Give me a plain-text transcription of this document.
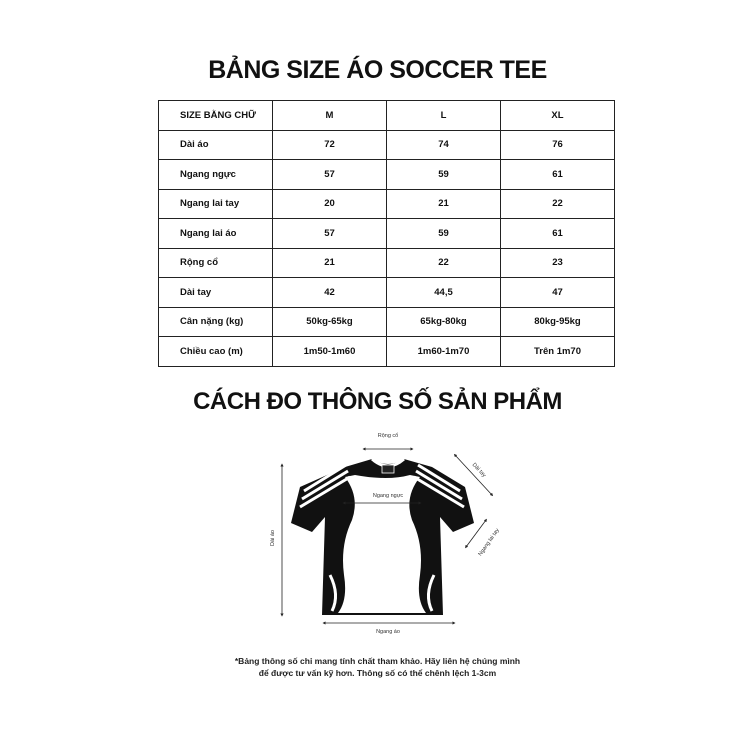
BẢNG SIZE ÁO SOCCER TEE
SIZE BẰNG CHỮ	M	L	XL
Dài áo	72	74	76
Ngang ngực	57	59	61
Ngang lai tay	20	21	22
Ngang lai áo	57	59	61
Rộng cổ	21	22	23
Dài tay	42	44,5	47
Cân nặng (kg)	50kg-65kg	65kg-80kg	80kg-95kg
Chiều cao (m)	1m50-1m60	1m60-1m70	Trên 1m70
CÁCH ĐO THÔNG SỐ SẢN PHẨM
Rộng cổ
Ngang ngực
Dài tay
Ngang lai tay
Dài áo
Ngang áo
*Bảng thông số chỉ mang tính chất tham khảo. Hãy liên hệ chúng mình
để được tư vấn kỹ hơn. Thông số có thể chênh lệch 1-3cm
